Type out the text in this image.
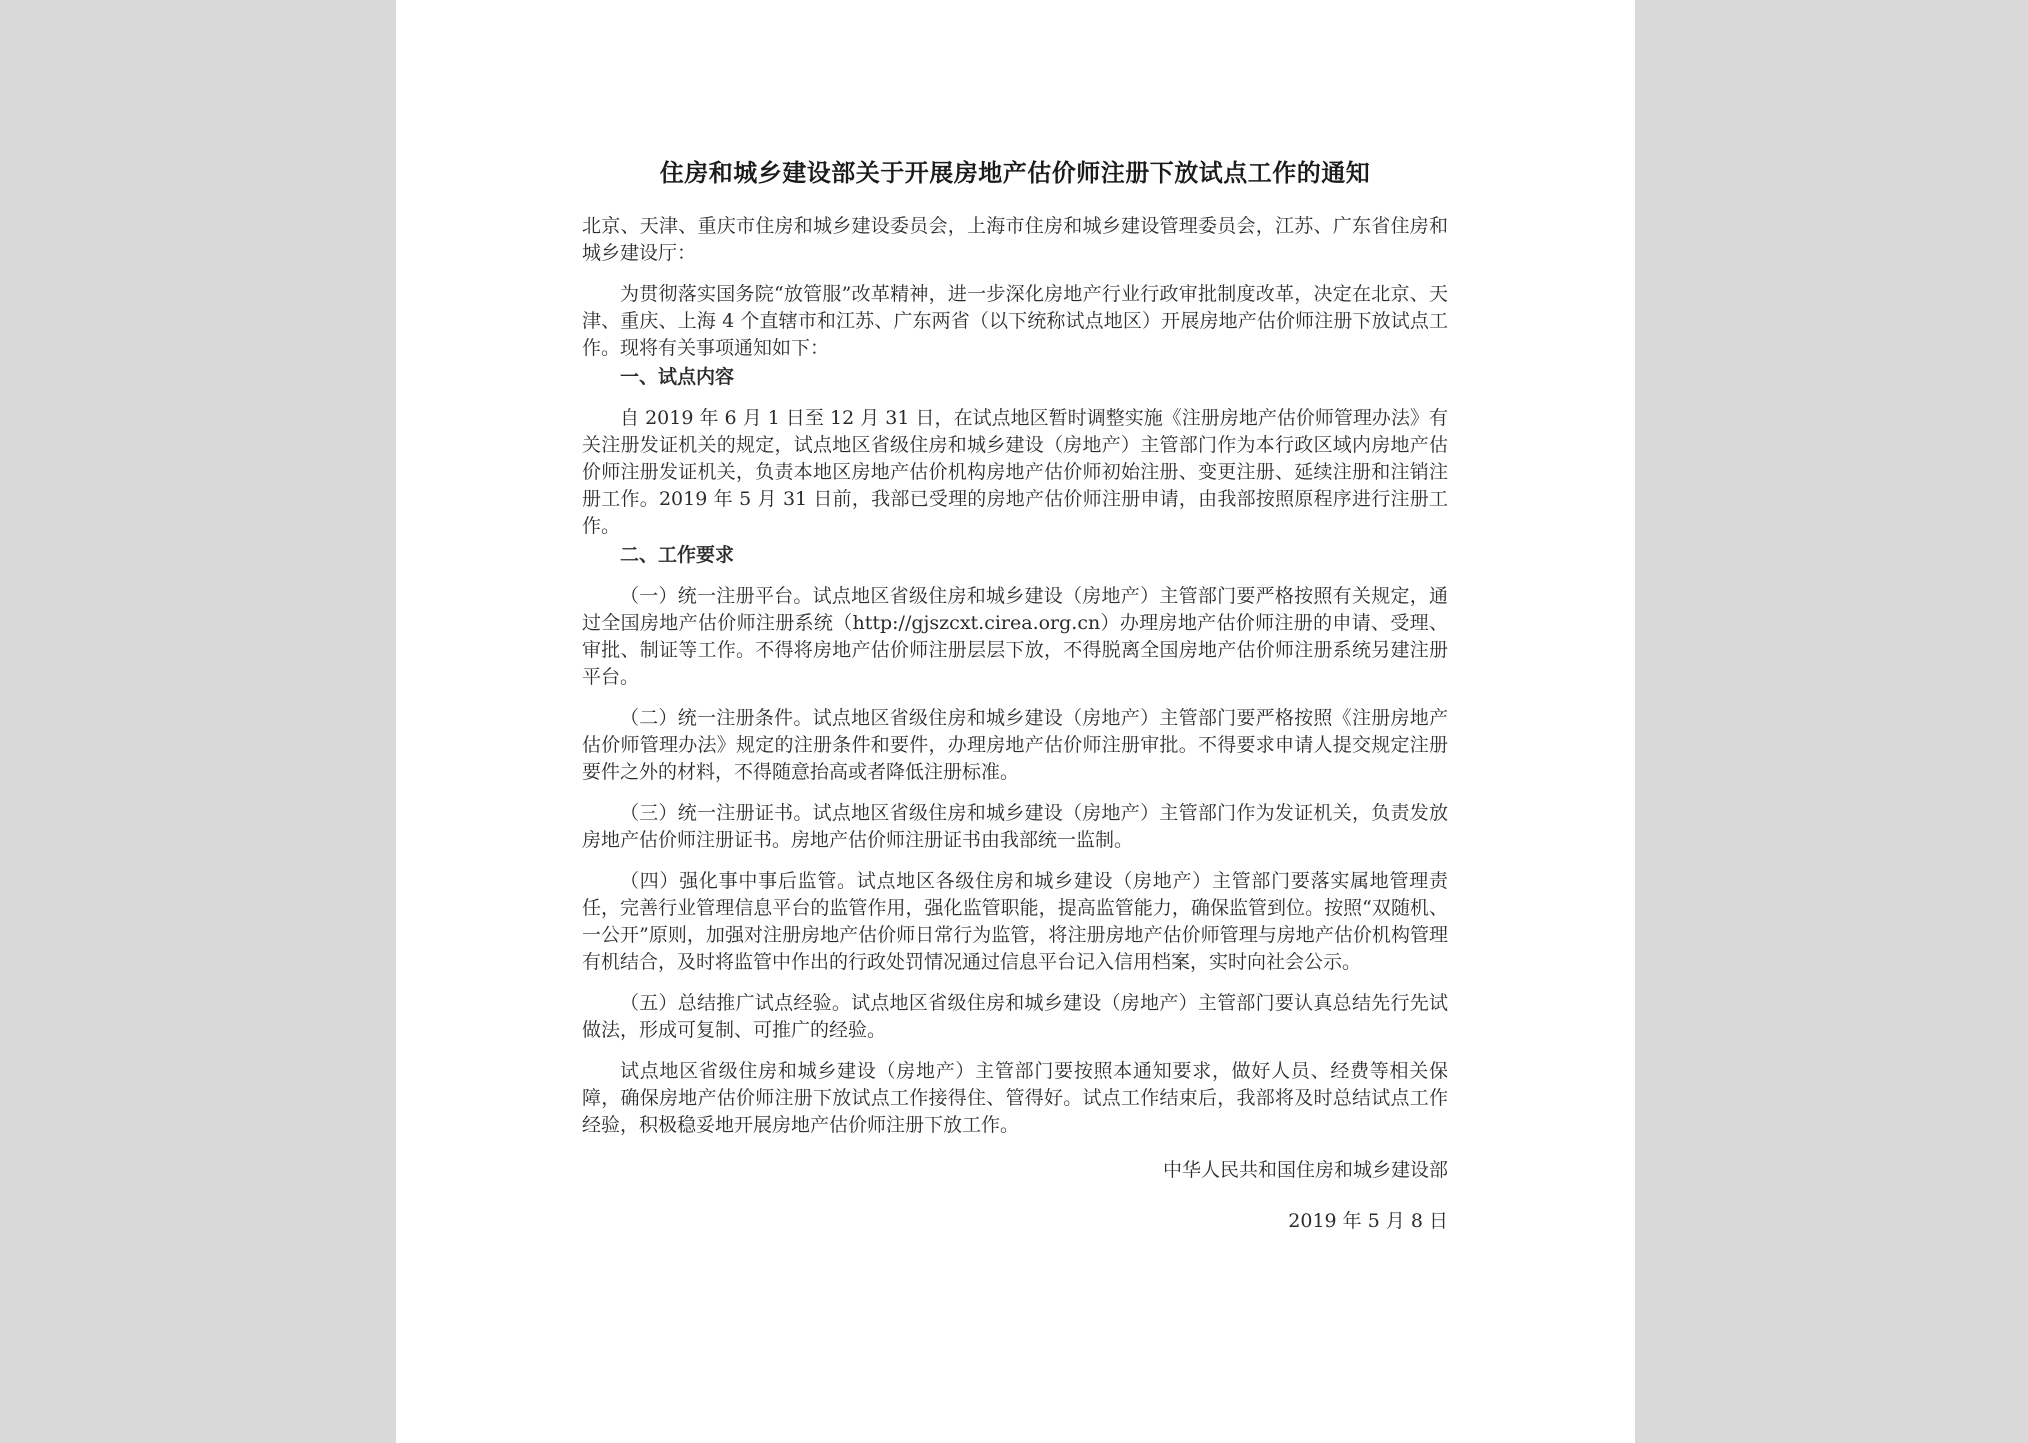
住房和城乡建设部关于开展房地产估价师注册下放试点工作的通知

北京、天津、重庆市住房和城乡建设委员会，上海市住房和城乡建设管理委员会，江苏、广东省住房和城乡建设厅：

为贯彻落实国务院“放管服”改革精神，进一步深化房地产行业行政审批制度改革，决定在北京、天津、重庆、上海 4 个直辖市和江苏、广东两省（以下统称试点地区）开展房地产估价师注册下放试点工作。现将有关事项通知如下：

一、试点内容

自 2019 年 6 月 1 日至 12 月 31 日，在试点地区暂时调整实施《注册房地产估价师管理办法》有关注册发证机关的规定，试点地区省级住房和城乡建设（房地产）主管部门作为本行政区域内房地产估价师注册发证机关，负责本地区房地产估价机构房地产估价师初始注册、变更注册、延续注册和注销注册工作。2019 年 5 月 31 日前，我部已受理的房地产估价师注册申请，由我部按照原程序进行注册工作。

二、工作要求

（一）统一注册平台。试点地区省级住房和城乡建设（房地产）主管部门要严格按照有关规定，通过全国房地产估价师注册系统（http://gjszcxt.cirea.org.cn）办理房地产估价师注册的申请、受理、审批、制证等工作。不得将房地产估价师注册层层下放，不得脱离全国房地产估价师注册系统另建注册平台。

（二）统一注册条件。试点地区省级住房和城乡建设（房地产）主管部门要严格按照《注册房地产估价师管理办法》规定的注册条件和要件，办理房地产估价师注册审批。不得要求申请人提交规定注册要件之外的材料，不得随意抬高或者降低注册标准。

（三）统一注册证书。试点地区省级住房和城乡建设（房地产）主管部门作为发证机关，负责发放房地产估价师注册证书。房地产估价师注册证书由我部统一监制。

（四）强化事中事后监管。试点地区各级住房和城乡建设（房地产）主管部门要落实属地管理责任，完善行业管理信息平台的监管作用，强化监管职能，提高监管能力，确保监管到位。按照“双随机、一公开”原则，加强对注册房地产估价师日常行为监管，将注册房地产估价师管理与房地产估价机构管理有机结合，及时将监管中作出的行政处罚情况通过信息平台记入信用档案，实时向社会公示。

（五）总结推广试点经验。试点地区省级住房和城乡建设（房地产）主管部门要认真总结先行先试做法，形成可复制、可推广的经验。

试点地区省级住房和城乡建设（房地产）主管部门要按照本通知要求，做好人员、经费等相关保障，确保房地产估价师注册下放试点工作接得住、管得好。试点工作结束后，我部将及时总结试点工作经验，积极稳妥地开展房地产估价师注册下放工作。

中华人民共和国住房和城乡建设部

2019 年 5 月 8 日
